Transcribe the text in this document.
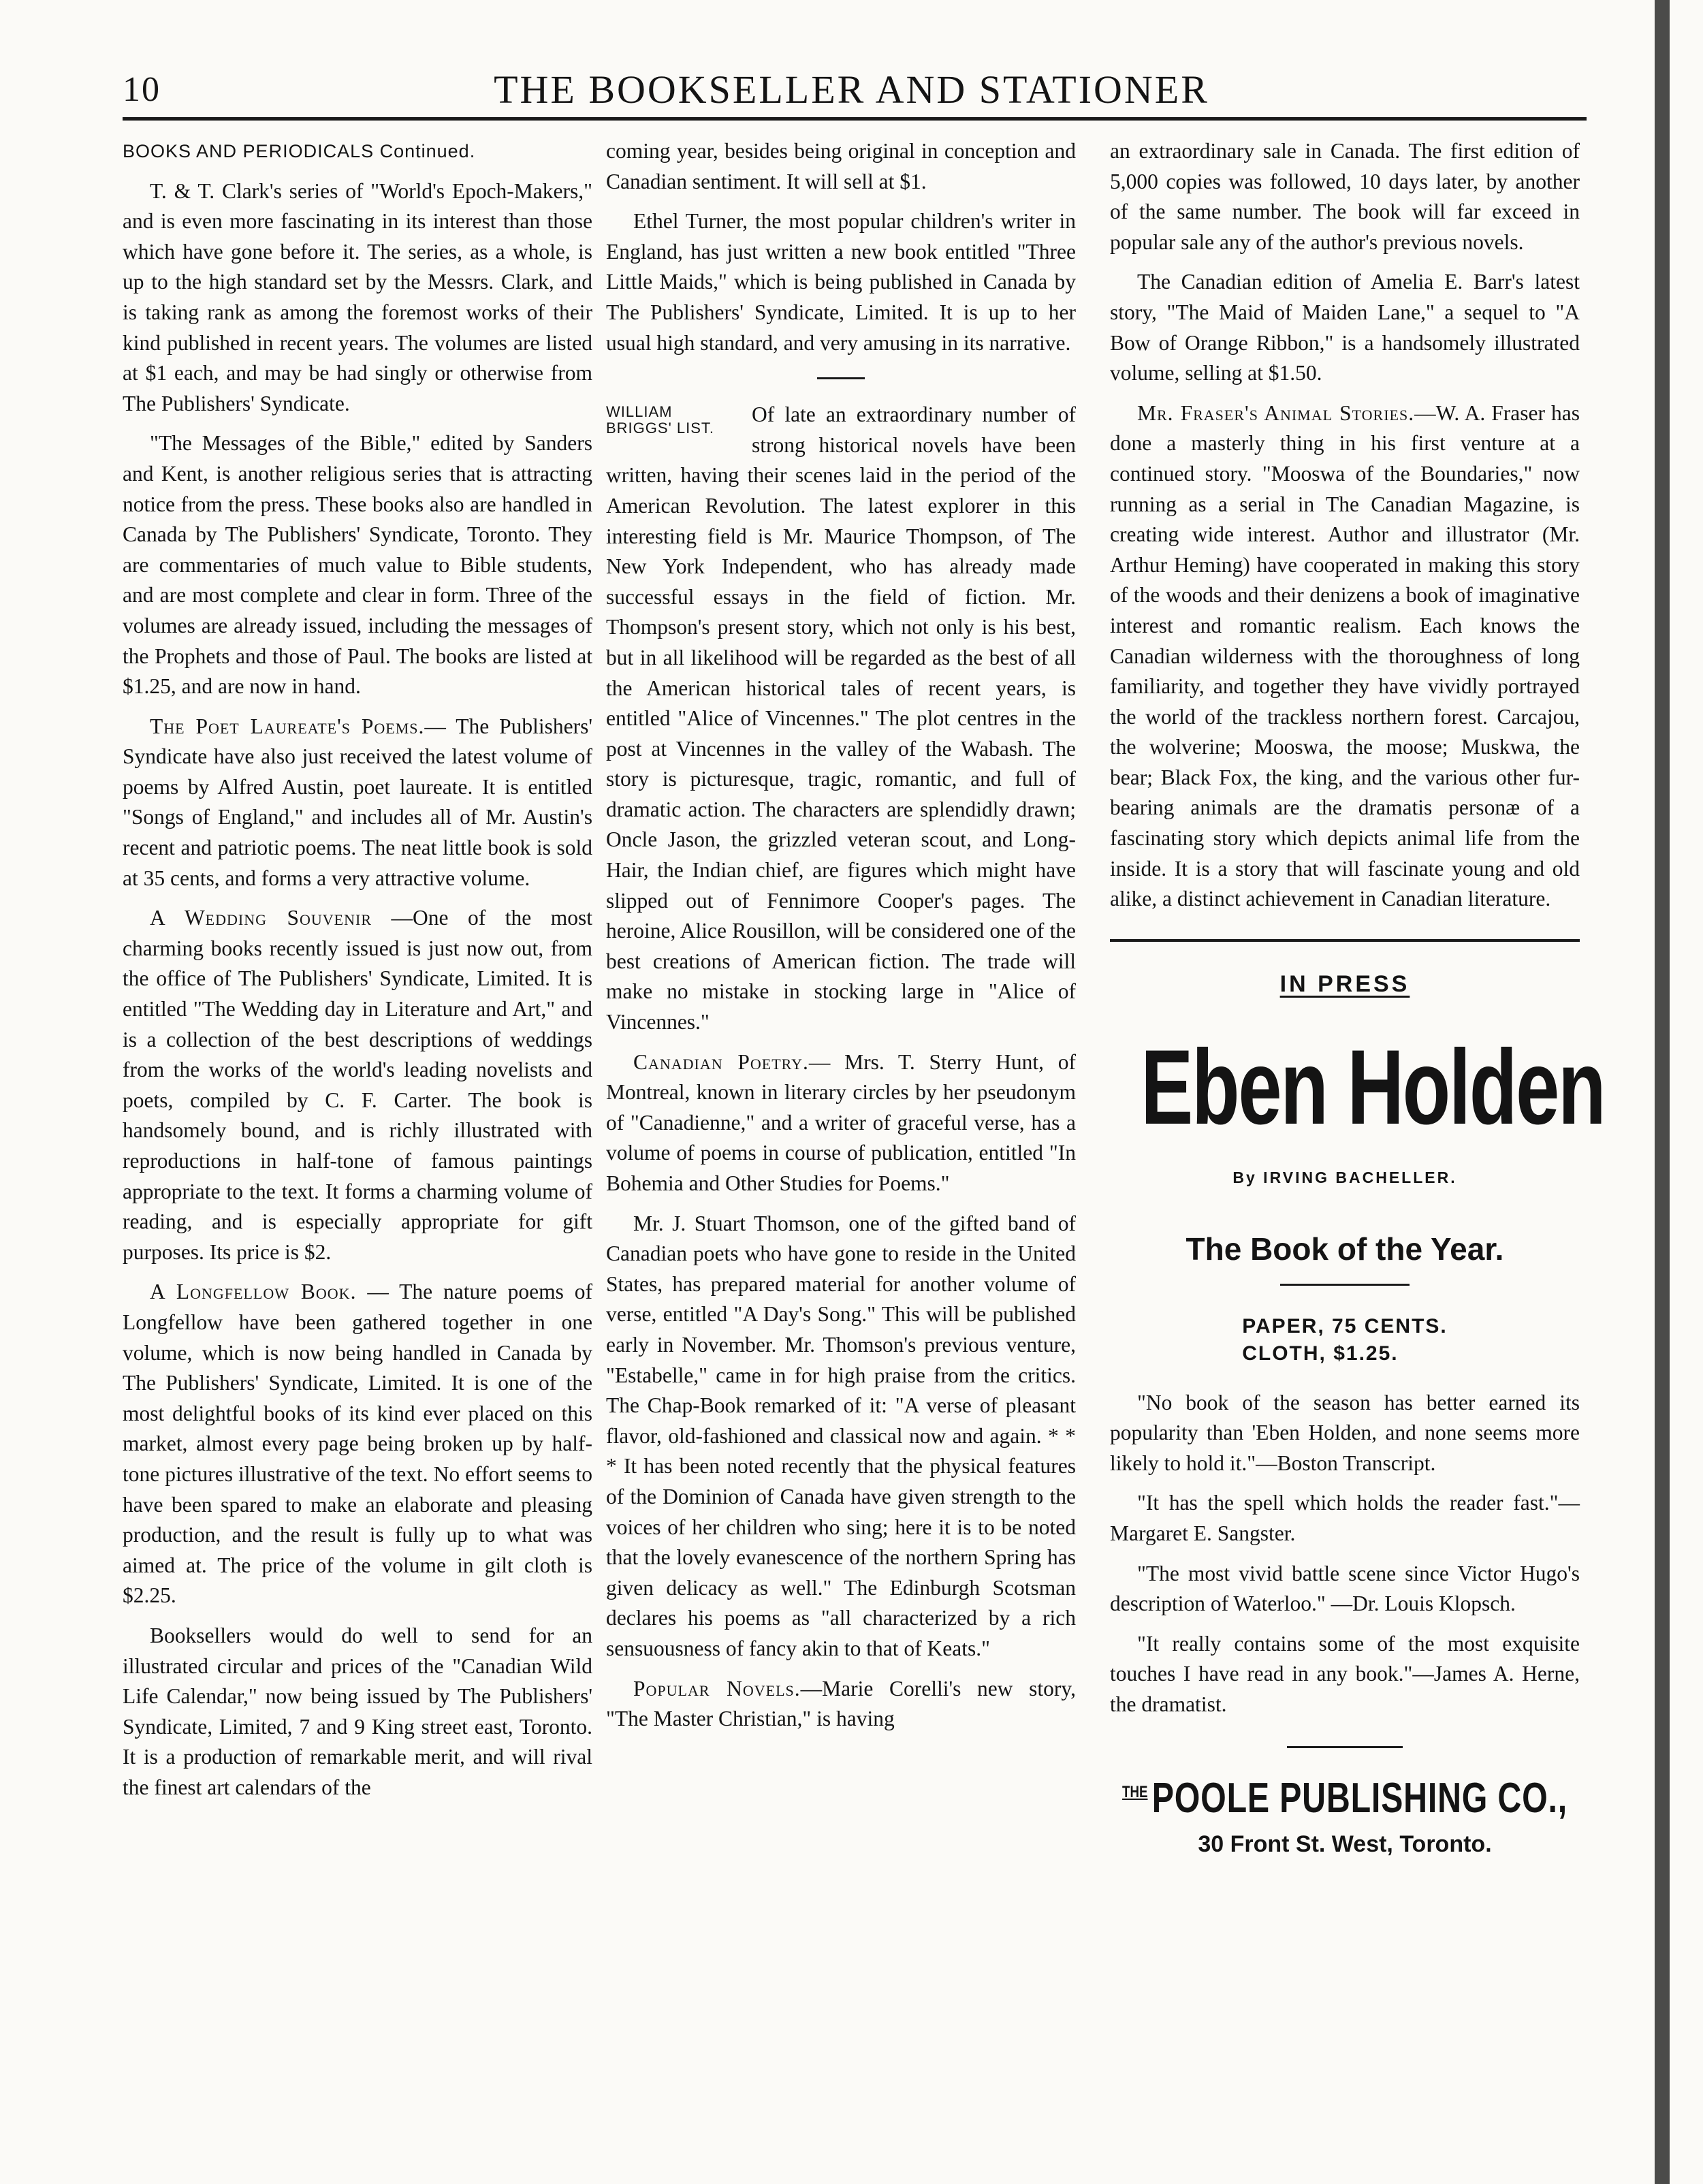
10	THE BOOKSELLER AND STATIONER

BOOKS AND PERIODICALS Continued.

T. & T. Clark's series of "World's Epoch-Makers," and is even more fascinating in its interest than those which have gone before it. The series, as a whole, is up to the high standard set by the Messrs. Clark, and is taking rank as among the foremost works of their kind published in recent years. The volumes are listed at $1 each, and may be had singly or otherwise from The Publishers' Syndicate.

"The Messages of the Bible," edited by Sanders and Kent, is another religious series that is attracting notice from the press. These books also are handled in Canada by The Publishers' Syndicate, Toronto. They are commentaries of much value to Bible students, and are most complete and clear in form. Three of the volumes are already issued, including the messages of the Prophets and those of Paul. The books are listed at $1.25, and are now in hand.

The Poet Laureate's Poems.— The Publishers' Syndicate have also just received the latest volume of poems by Alfred Austin, poet laureate. It is entitled "Songs of England," and includes all of Mr. Austin's recent and patriotic poems. The neat little book is sold at 35 cents, and forms a very attractive volume.

A Wedding Souvenir —One of the most charming books recently issued is just now out, from the office of The Publishers' Syndicate, Limited. It is entitled "The Wedding day in Literature and Art," and is a collection of the best descriptions of weddings from the works of the world's leading novelists and poets, compiled by C. F. Carter. The book is handsomely bound, and is richly illustrated with reproductions in half-tone of famous paintings appropriate to the text. It forms a charming volume of reading, and is especially appropriate for gift purposes. Its price is $2.

A Longfellow Book. — The nature poems of Longfellow have been gathered together in one volume, which is now being handled in Canada by The Publishers' Syndicate, Limited. It is one of the most delightful books of its kind ever placed on this market, almost every page being broken up by half-tone pictures illustrative of the text. No effort seems to have been spared to make an elaborate and pleasing production, and the result is fully up to what was aimed at. The price of the volume in gilt cloth is $2.25.

Booksellers would do well to send for an illustrated circular and prices of the "Canadian Wild Life Calendar," now being issued by The Publishers' Syndicate, Limited, 7 and 9 King street east, Toronto. It is a production of remarkable merit, and will rival the finest art calendars of the

coming year, besides being original in conception and Canadian sentiment. It will sell at $1.

Ethel Turner, the most popular children's writer in England, has just written a new book entitled "Three Little Maids," which is being published in Canada by The Publishers' Syndicate, Limited. It is up to her usual high standard, and very amusing in its narrative.

WILLIAM
BRIGGS' LIST.
Of late an extraordinary number of strong historical novels have been written, having their scenes laid in the period of the American Revolution. The latest explorer in this interesting field is Mr. Maurice Thompson, of The New York Independent, who has already made successful essays in the field of fiction. Mr. Thompson's present story, which not only is his best, but in all likelihood will be regarded as the best of all the American historical tales of recent years, is entitled "Alice of Vincennes." The plot centres in the post at Vincennes in the valley of the Wabash. The story is picturesque, tragic, romantic, and full of dramatic action. The characters are splendidly drawn; Oncle Jason, the grizzled veteran scout, and Long-Hair, the Indian chief, are figures which might have slipped out of Fennimore Cooper's pages. The heroine, Alice Rousillon, will be considered one of the best creations of American fiction. The trade will make no mistake in stocking large in "Alice of Vincennes."

Canadian Poetry.— Mrs. T. Sterry Hunt, of Montreal, known in literary circles by her pseudonym of "Canadienne," and a writer of graceful verse, has a volume of poems in course of publication, entitled "In Bohemia and Other Studies for Poems."

Mr. J. Stuart Thomson, one of the gifted band of Canadian poets who have gone to reside in the United States, has prepared material for another volume of verse, entitled "A Day's Song." This will be published early in November. Mr. Thomson's previous venture, "Estabelle," came in for high praise from the critics. The Chap-Book remarked of it: "A verse of pleasant flavor, old-fashioned and classical now and again. * * * It has been noted recently that the physical features of the Dominion of Canada have given strength to the voices of her children who sing; here it is to be noted that the lovely evanescence of the northern Spring has given delicacy as well." The Edinburgh Scotsman declares his poems as "all characterized by a rich sensuousness of fancy akin to that of Keats."

Popular Novels.—Marie Corelli's new story, "The Master Christian," is having

an extraordinary sale in Canada. The first edition of 5,000 copies was followed, 10 days later, by another of the same number. The book will far exceed in popular sale any of the author's previous novels.

The Canadian edition of Amelia E. Barr's latest story, "The Maid of Maiden Lane," a sequel to "A Bow of Orange Ribbon," is a handsomely illustrated volume, selling at $1.50.

Mr. Fraser's Animal Stories.—W. A. Fraser has done a masterly thing in his first venture at a continued story. "Mooswa of the Boundaries," now running as a serial in The Canadian Magazine, is creating wide interest. Author and illustrator (Mr. Arthur Heming) have cooperated in making this story of the woods and their denizens a book of imaginative interest and romantic realism. Each knows the Canadian wilderness with the thoroughness of long familiarity, and together they have vividly portrayed the world of the trackless northern forest. Carcajou, the wolverine; Mooswa, the moose; Muskwa, the bear; Black Fox, the king, and the various other fur-bearing animals are the dramatis personæ of a fascinating story which depicts animal life from the inside. It is a story that will fascinate young and old alike, a distinct achievement in Canadian literature.

IN PRESS
Eben Holden
By IRVING BACHELLER.
The Book of the Year.
PAPER, 75 CENTS.
CLOTH, $1.25.

"No book of the season has better earned its popularity than 'Eben Holden, and none seems more likely to hold it."—Boston Transcript.

"It has the spell which holds the reader fast."—Margaret E. Sangster.

"The most vivid battle scene since Victor Hugo's description of Waterloo." —Dr. Louis Klopsch.

"It really contains some of the most exquisite touches I have read in any book."—James A. Herne, the dramatist.

$^{THE}$ POOLE PUBLISHING CO.,
30 Front St. West, Toronto.
